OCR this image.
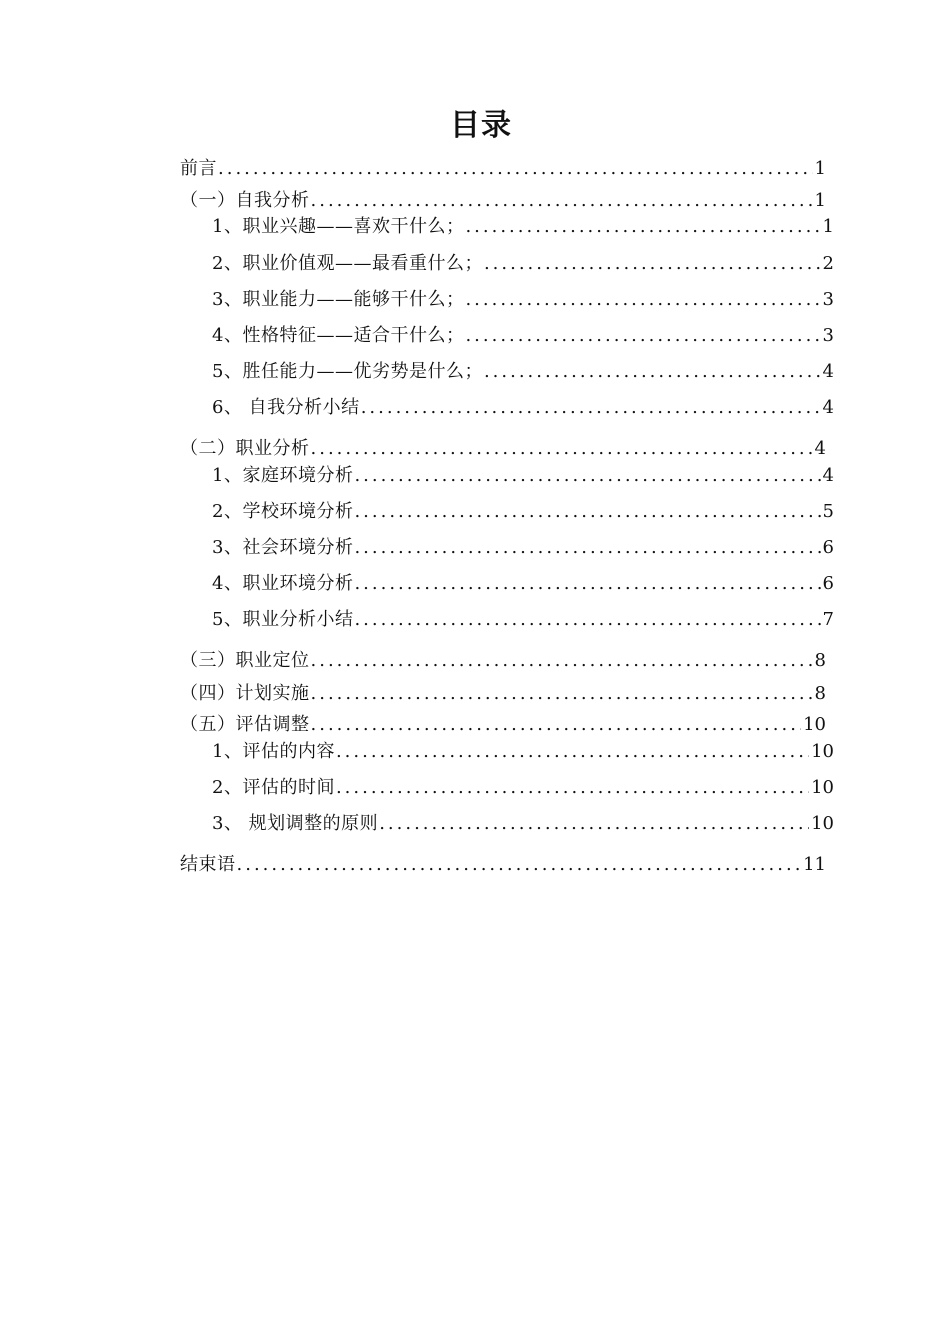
目录
前言 .....	1
（一）自我分析 .....	1
1、职业兴趣——喜欢干什么； .....	1
2、职业价值观——最看重什么； .....	2
3、职业能力——能够干什么； .....	3
4、性格特征——适合干什么； .....	3
5、胜任能力——优劣势是什么； .....	4
6、 自我分析小结 .....	4
（二）职业分析 .....	4
1、家庭环境分析 .....	4
2、学校环境分析 .....	5
3、社会环境分析 .....	6
4、职业环境分析 .....	6
5、职业分析小结 .....	7
（三）职业定位 .....	8
（四）计划实施 .....	8
（五）评估调整 .....	10
1、评估的内容 .....	10
2、评估的时间 .....	10
3、 规划调整的原则 .....	10
结束语 .....	11
